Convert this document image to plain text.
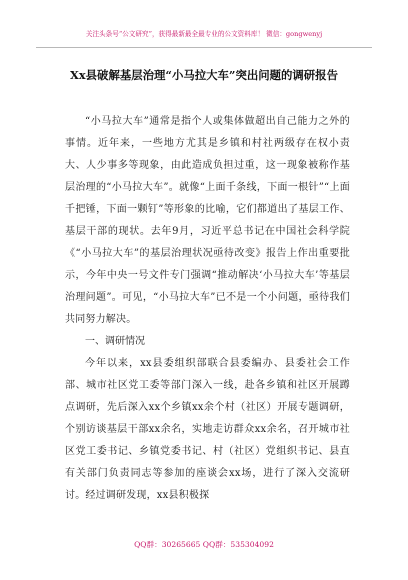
关注头条号“公文研究”，获得最新最全最专业的公文资料库！ 微信：gongwenyj
Xx县破解基层治理“小马拉大车”突出问题的调研报告

“小马拉大车”通常是指个人或集体做超出自己能力之外的事情。近年来，一些地方尤其是乡镇和村社两级存在权小责大、人少事多等现象，由此造成负担过重，这一现象被称作基层治理的“小马拉大车”。就像“上面千条线，下面一根针”“上面千把锤，下面一颗钉”等形象的比喻，它们都道出了基层工作、基层干部的现状。去年9月，习近平总书记在中国社会科学院《“小马拉大车”的基层治理状况亟待改变》报告上作出重要批示，今年中央一号文件专门强调“推动解决‘小马拉大车’等基层治理问题”。可见，“小马拉大车”已不是一个小问题，亟待我们共同努力解决。

一、调研情况

今年以来，xx县委组织部联合县委编办、县委社会工作部、城市社区党工委等部门深入一线，赴各乡镇和社区开展蹲点调研，先后深入xx个乡镇xx余个村（社区）开展专题调研，个别访谈基层干部xx余名，实地走访群众xx余名，召开城市社区党工委书记、乡镇党委书记、村（社区）党组织书记、县直有关部门负责同志等参加的座谈会xx场，进行了深入交流研讨。经过调研发现，xx县积极探

QQ群：30265665 QQ群：535304092
